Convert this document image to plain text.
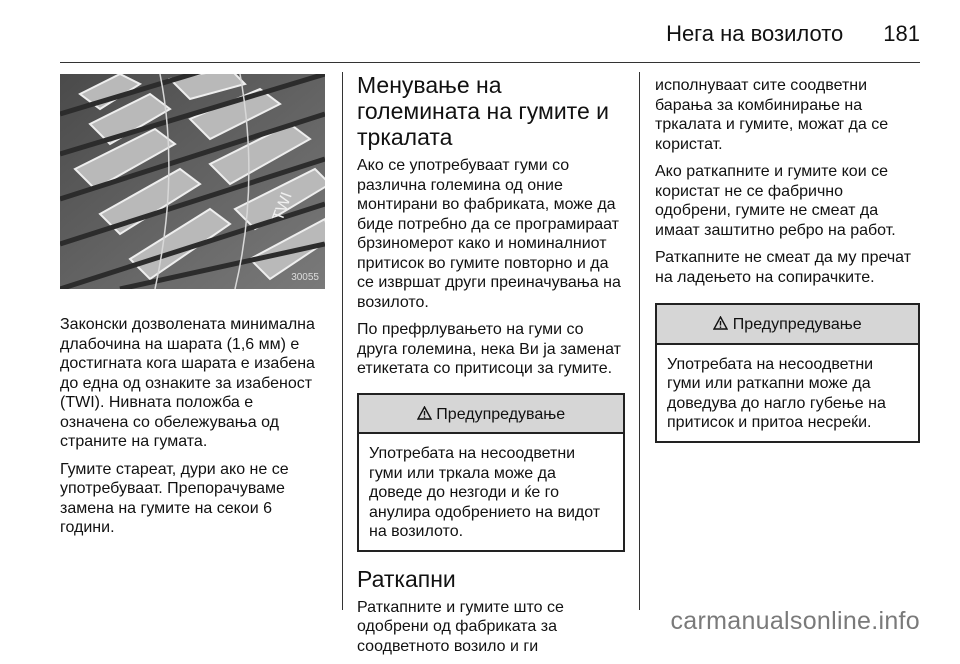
Нега на возилото 181
TWI
30055

Законски дозволената минимална длабочина на шарата (1,6 мм) е достигната кога шарата е изабена до една од ознаките за изабеност (TWI). Нивната положба е означена со обележувања од страните на гумата.

Гумите стареат, дури ако не се употребуваат. Препорачуваме замена на гумите на секои 6 години.

Менување на големината на гумите и тркалата

Ако се употребуваат гуми со различна големина од оние монтирани во фабриката, може да биде потребно да се програмираат брзиномерот како и номиналниот притисок во гумите повторно и да се извршат други преиначувања на возилото.

По префрлувањето на гуми со друга големина, нека Ви ја заменат етикетата со притисоци за гумите.

Предупредување
Употребата на несоодветни гуми или тркала може да доведе до незгоди и ќе го анулира одобрението на видот на возилото.
Раткапни

Раткапните и гумите што се одобрени од фабриката за соодветното возило и ги

исполнуваат сите соодветни барања за комбинирање на тркалата и гумите, можат да се користат.

Ако раткапните и гумите кои се користат не се фабрично одобрени, гумите не смеат да имаат заштитно ребро на работ.

Раткапните не смеат да му пречат на ладењето на сопирачките.

Предупредување
Употребата на несоодветни гуми или раткапни може да доведува до нагло губење на притисок и притоа несреќи.
carmanualsonline.info
